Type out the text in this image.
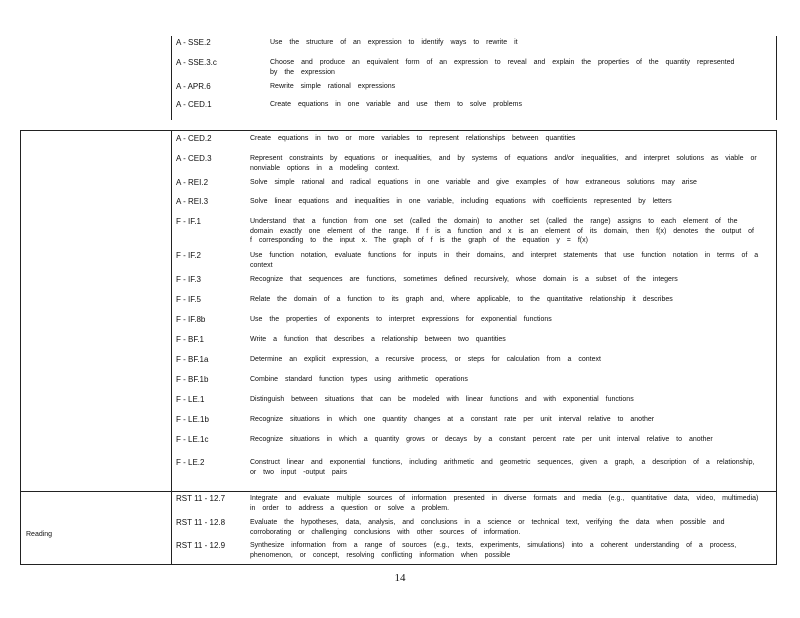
A - SSE.2	Use the structure of an expression to identify ways to rewrite it
A - SSE.3.c	Choose and produce an equivalent form of an expression to reveal and explain the properties of the quantity represented by the expression
A - APR.6	Rewrite simple rational expressions
A - CED.1	Create equations in one variable and use them to solve problems
A - CED.2	Create equations in two or more variables to represent relationships between quantities
A - CED.3	Represent constraints by equations or inequalities, and by systems of equations and/or inequalities, and interpret solutions as viable or nonviable options in a modeling context.
A - REI.2	Solve simple rational and radical equations in one variable and give examples of how extraneous solutions may arise
A - REI.3	Solve linear equations and inequalities in one variable, including equations with coefficients represented by letters
F - IF.1	Understand that a function from one set (called the domain) to another set (called the range) assigns to each element of the domain exactly one element of the range. If f is a function and x is an element of its domain, then f(x) denotes the output of f corresponding to the input x. The graph of f is the graph of the equation y = f(x)
F - IF.2	Use function notation, evaluate functions for inputs in their domains, and interpret statements that use function notation in terms of a context
F - IF.3	Recognize that sequences are functions, sometimes defined recursively, whose domain is a subset of the integers
F - IF.5	Relate the domain of a function to its graph and, where applicable, to the quantitative relationship it describes
F - IF.8b	Use the properties of exponents to interpret expressions for exponential functions
F - BF.1	Write a function that describes a relationship between two quantities
F - BF.1a	Determine an explicit expression, a recursive process, or steps for calculation from a context
F - BF.1b	Combine standard function types using arithmetic operations
F - LE.1	Distinguish between situations that can be modeled with linear functions and with exponential functions
F - LE.1b	Recognize situations in which one quantity changes at a constant rate per unit interval relative to another
F - LE.1c	Recognize situations in which a quantity grows or decays by a constant percent rate per unit interval relative to another
F - LE.2	Construct linear and exponential functions, including arithmetic and geometric sequences, given a graph, a description of a relationship, or two input -output pairs
Reading
RST 11 - 12.7	Integrate and evaluate multiple sources of information presented in diverse formats and media (e.g., quantitative data, video, multimedia) in order to address a question or solve a problem.
RST 11 - 12.8	Evaluate the hypotheses, data, analysis, and conclusions in a science or technical text, verifying the data when possible and corroborating or challenging conclusions with other sources of information.
RST 11 - 12.9	Synthesize information from a range of sources (e.g., texts, experiments, simulations) into a coherent understanding of a process, phenomenon, or concept, resolving conflicting information when possible
14
